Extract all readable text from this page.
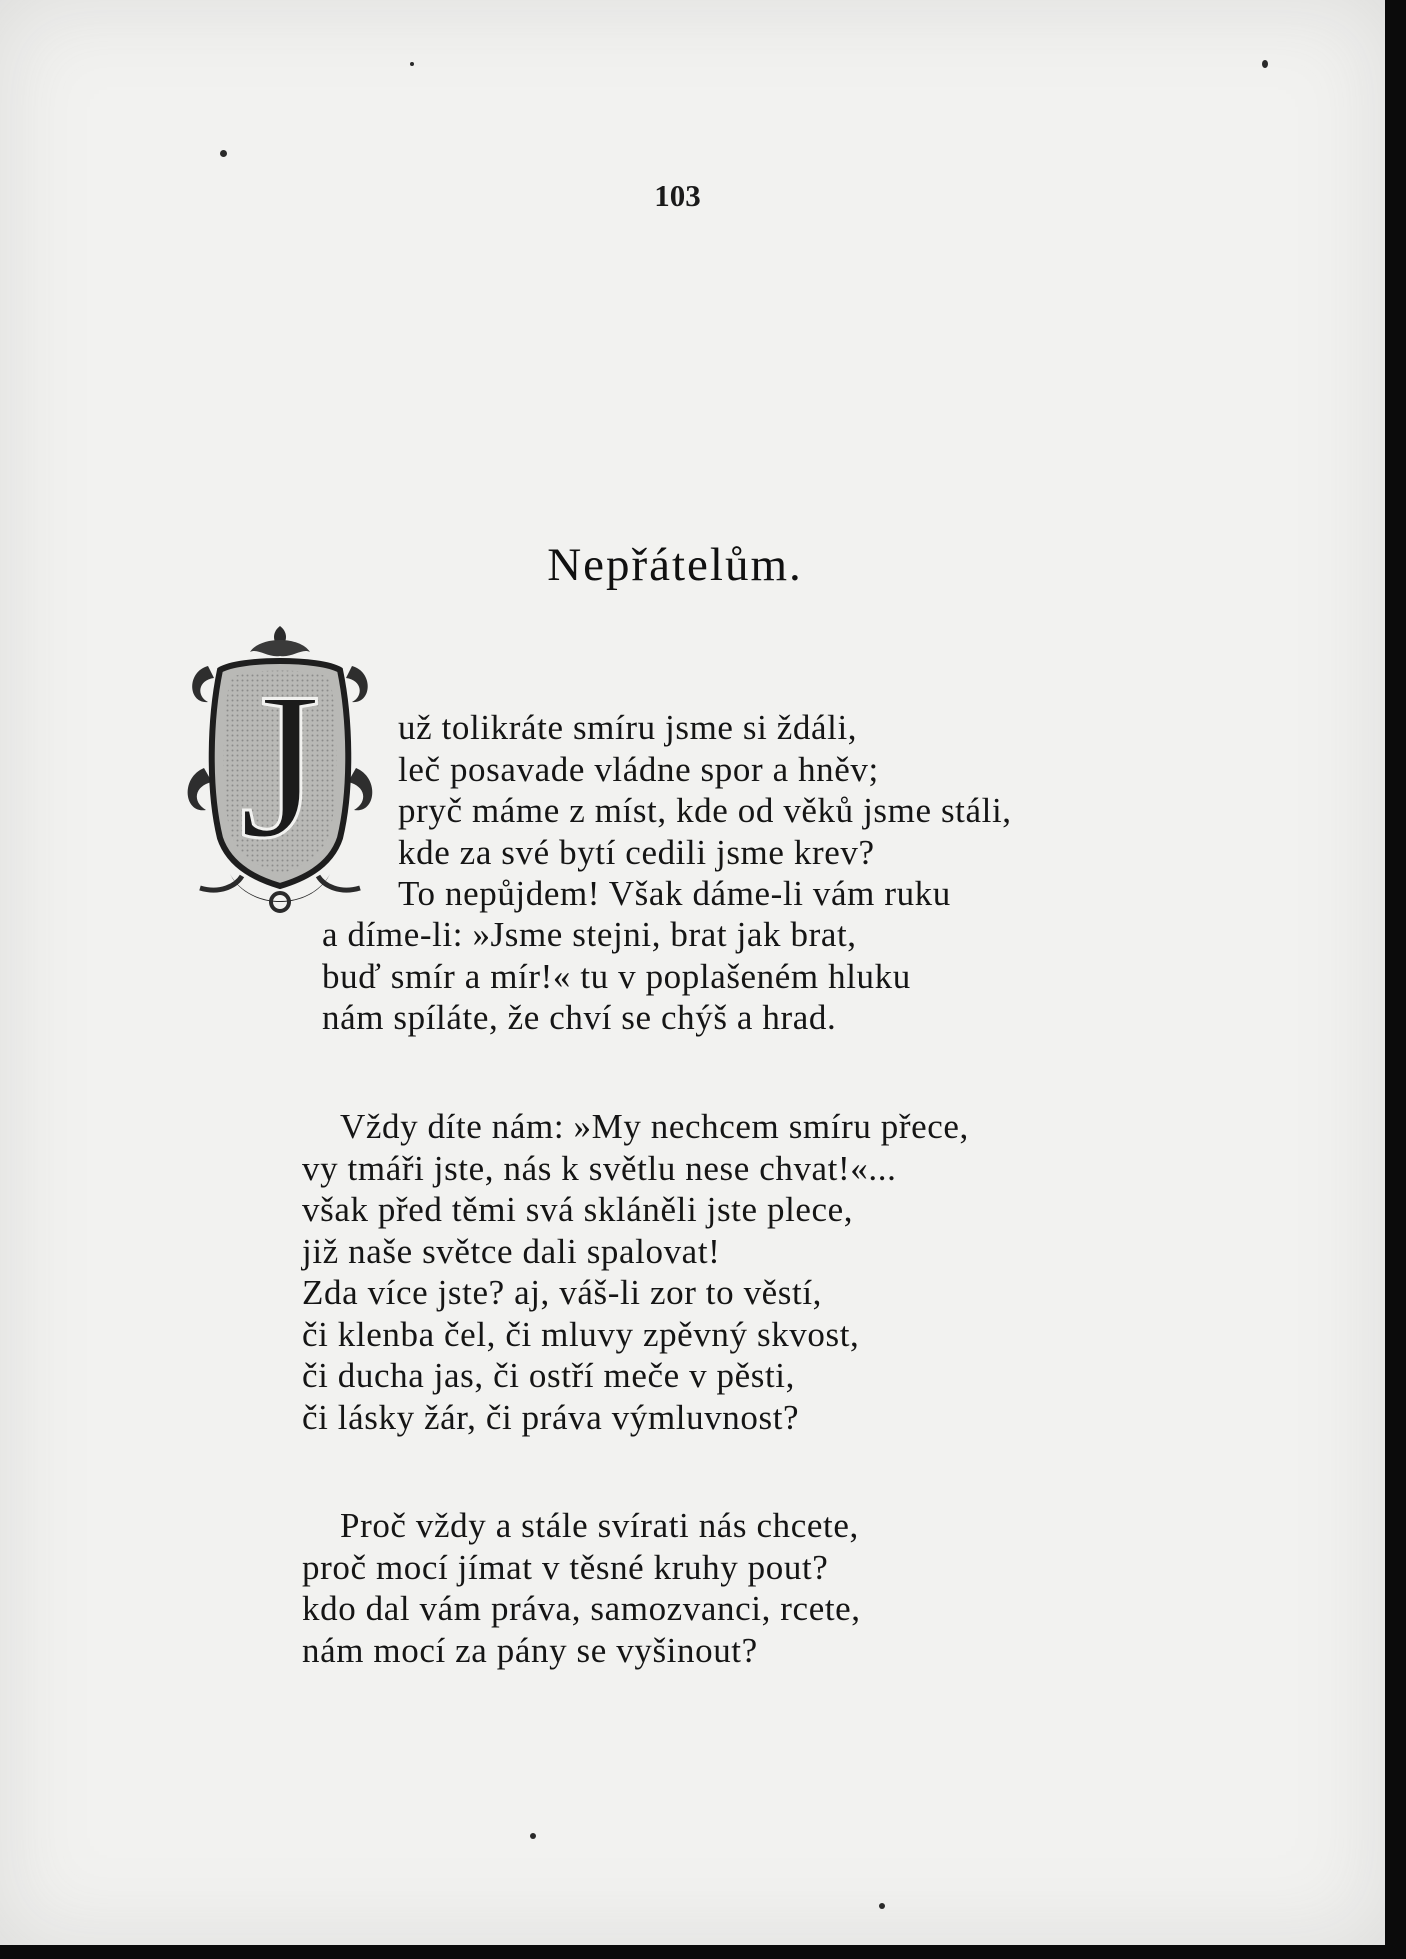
103
Nepřátelům.
J už tolikráte smíru jsme si ždáli,
leč posavade vládne spor a hněv;
pryč máme z míst, kde od věků jsme stáli,
kde za své bytí cedili jsme krev?
To nepůjdem! Však dáme-li vám ruku
a díme-li: »Jsme stejni, brat jak brat,
buď smír a mír!« tu v poplašeném hluku
nám spíláte, že chví se chýš a hrad.
Vždy díte nám: »My nechcem smíru přece,
vy tmáři jste, nás k světlu nese chvat!«...
však před těmi svá skláněli jste plece,
již naše světce dali spalovat!
Zda více jste? aj, váš-li zor to věstí,
či klenba čel, či mluvy zpěvný skvost,
či ducha jas, či ostří meče v pěsti,
či lásky žár, či práva výmluvnost?
Proč vždy a stále svírati nás chcete,
proč mocí jímat v těsné kruhy pout?
kdo dal vám práva, samozvanci, rcete,
nám mocí za pány se vyšinout?
